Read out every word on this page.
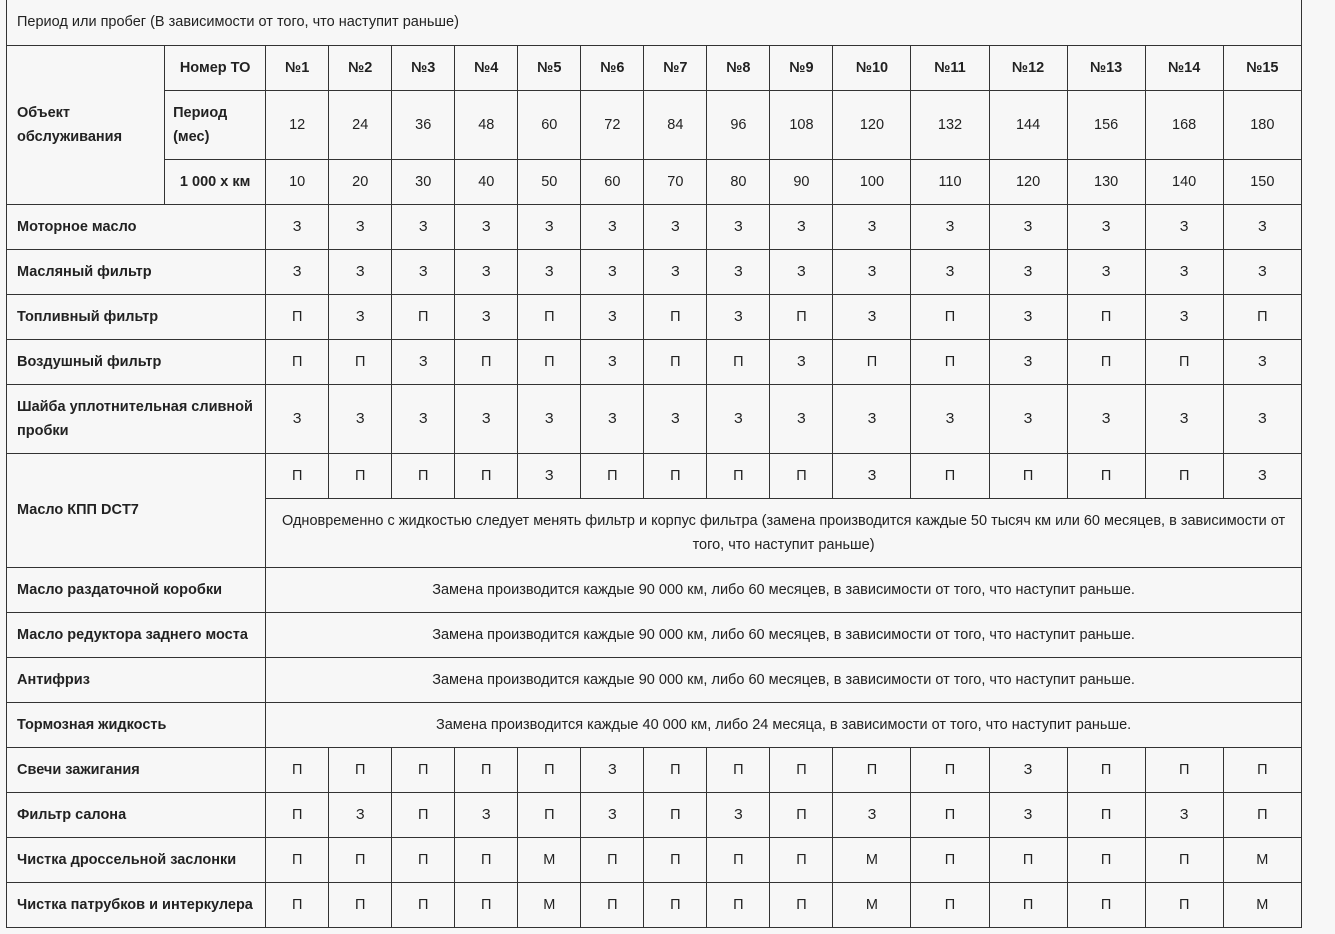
Период или пробег (В зависимости от того, что наступит раньше)																
Объект обслуживания	Номер ТО	№1	№2	№3	№4	№5	№6	№7	№8	№9	№10	№11	№12	№13	№14	№15
	Период (мес)	12	24	36	48	60	72	84	96	108	120	132	144	156	168	180
	1 000 х км	10	20	30	40	50	60	70	80	90	100	110	120	130	140	150
Моторное масло		З	З	З	З	З	З	З	З	З	З	З	З	З	З	З
Масляный фильтр		З	З	З	З	З	З	З	З	З	З	З	З	З	З	З
Топливный фильтр		П	З	П	З	П	З	П	З	П	З	П	З	П	З	П
Воздушный фильтр		П	П	З	П	П	З	П	П	З	П	П	З	П	П	З
Шайба уплотнительная сливной пробки		З	З	З	З	З	З	З	З	З	З	З	З	З	З	З
Масло КПП DCT7		П	П	П	П	З	П	П	П	П	З	П	П	П	П	З
		Одновременно с жидкостью следует менять фильтр и корпус фильтра (замена производится каждые 50 тысяч км или 60 месяцев, в зависимости от того, что наступит раньше)														
Масло раздаточной коробки		Замена производится каждые 90 000 км, либо 60 месяцев, в зависимости от того, что наступит раньше.														
Масло редуктора заднего моста		Замена производится каждые 90 000 км, либо 60 месяцев, в зависимости от того, что наступит раньше.														
Антифриз		Замена производится каждые 90 000 км, либо 60 месяцев, в зависимости от того, что наступит раньше.														
Тормозная жидкость		Замена производится каждые 40 000 км, либо 24 месяца, в зависимости от того, что наступит раньше.														
Свечи зажигания		П	П	П	П	П	З	П	П	П	П	П	З	П	П	П
Фильтр салона		П	З	П	З	П	З	П	З	П	З	П	З	П	З	П
Чистка дроссельной заслонки		П	П	П	П	М	П	П	П	П	М	П	П	П	П	М
Чистка патрубков и интеркулера		П	П	П	П	М	П	П	П	П	М	П	П	П	П	М
